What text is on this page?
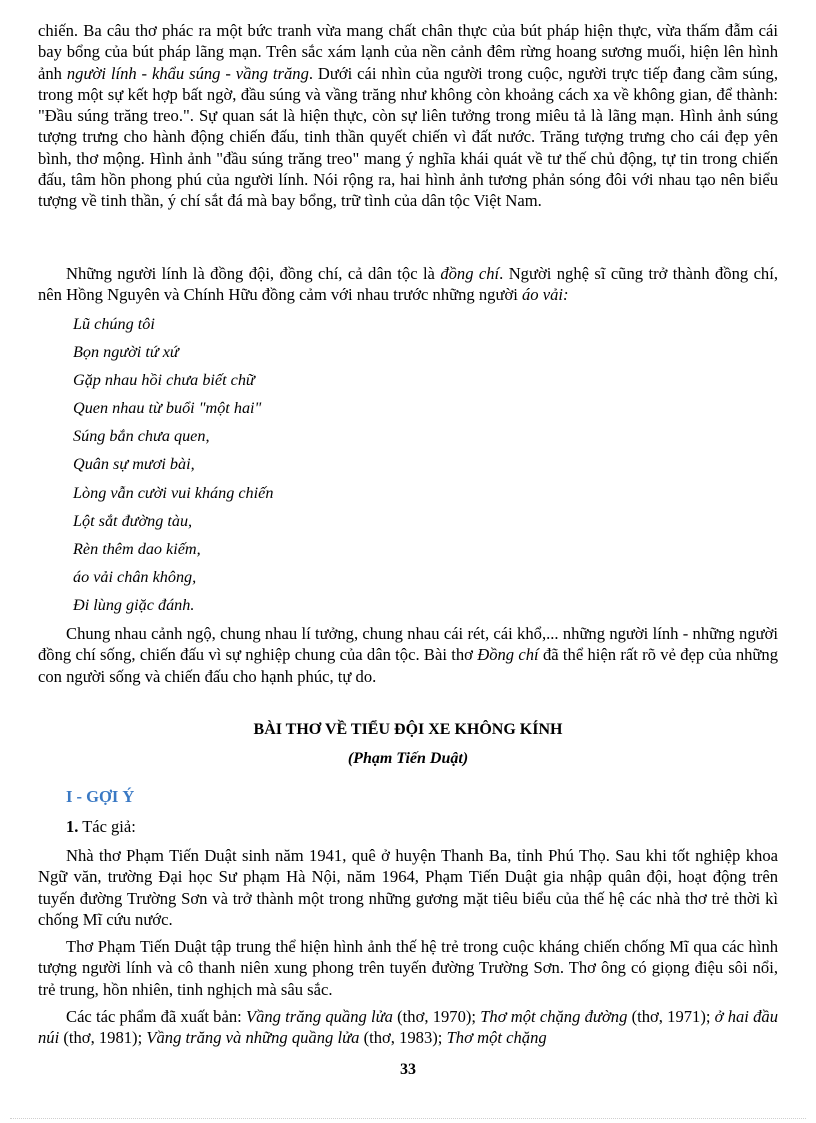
chiến. Ba câu thơ phác ra một bức tranh vừa mang chất chân thực của bút pháp hiện thực, vừa thấm đẫm cái bay bổng của bút pháp lãng mạn. Trên sắc xám lạnh của nền cảnh đêm rừng hoang sương muối, hiện lên hình ảnh người lính - khẩu súng - vầng trăng. Dưới cái nhìn của người trong cuộc, người trực tiếp đang cầm súng, trong một sự kết hợp bất ngờ, đầu súng và vầng trăng như không còn khoảng cách xa về không gian, để thành: "Đầu súng trăng treo.". Sự quan sát là hiện thực, còn sự liên tưởng trong miêu tả là lãng mạn. Hình ảnh súng tượng trưng cho hành động chiến đấu, tinh thần quyết chiến vì đất nước. Trăng tượng trưng cho cái đẹp yên bình, thơ mộng. Hình ảnh "đầu súng trăng treo" mang ý nghĩa khái quát về tư thế chủ động, tự tin trong chiến đấu, tâm hồn phong phú của người lính. Nói rộng ra, hai hình ảnh tương phản sóng đôi với nhau tạo nên biểu tượng về tinh thần, ý chí sắt đá mà bay bổng, trữ tình của dân tộc Việt Nam.

Những người lính là đồng đội, đồng chí, cả dân tộc là đồng chí. Người nghệ sĩ cũng trở thành đồng chí, nên Hồng Nguyên và Chính Hữu đồng cảm với nhau trước những người áo vải:

Lũ chúng tôi
Bọn người tứ xứ
Gặp nhau hồi chưa biết chữ
Quen nhau từ buổi "một hai"
Súng bắn chưa quen,
Quân sự mươi bài,
Lòng vẫn cười vui kháng chiến
Lột sắt đường tàu,
Rèn thêm dao kiếm,
áo vải chân không,
Đi lùng giặc đánh.

Chung nhau cảnh ngộ, chung nhau lí tưởng, chung nhau cái rét, cái khổ,... những người lính - những người đồng chí sống, chiến đấu vì sự nghiệp chung của dân tộc. Bài thơ Đồng chí đã thể hiện rất rõ vẻ đẹp của những con người sống và chiến đấu cho hạnh phúc, tự do.

BÀI THƠ VỀ TIỂU ĐỘI XE KHÔNG KÍNH
(Phạm Tiến Duật)
I - GỢI Ý
1. Tác giả:

Nhà thơ Phạm Tiến Duật sinh năm 1941, quê ở huyện Thanh Ba, tỉnh Phú Thọ. Sau khi tốt nghiệp khoa Ngữ văn, trường Đại học Sư phạm Hà Nội, năm 1964, Phạm Tiến Duật gia nhập quân đội, hoạt động trên tuyến đường Trường Sơn và trở thành một trong những gương mặt tiêu biểu của thế hệ các nhà thơ trẻ thời kì chống Mĩ cứu nước.

Thơ Phạm Tiến Duật tập trung thể hiện hình ảnh thế hệ trẻ trong cuộc kháng chiến chống Mĩ qua các hình tượng người lính và cô thanh niên xung phong trên tuyến đường Trường Sơn. Thơ ông có giọng điệu sôi nổi, trẻ trung, hồn nhiên, tinh nghịch mà sâu sắc.

Các tác phẩm đã xuất bản: Vầng trăng quầng lửa (thơ, 1970); Thơ một chặng đường (thơ, 1971); ở hai đầu núi (thơ, 1981); Vầng trăng và những quầng lửa (thơ, 1983); Thơ một chặng

33
